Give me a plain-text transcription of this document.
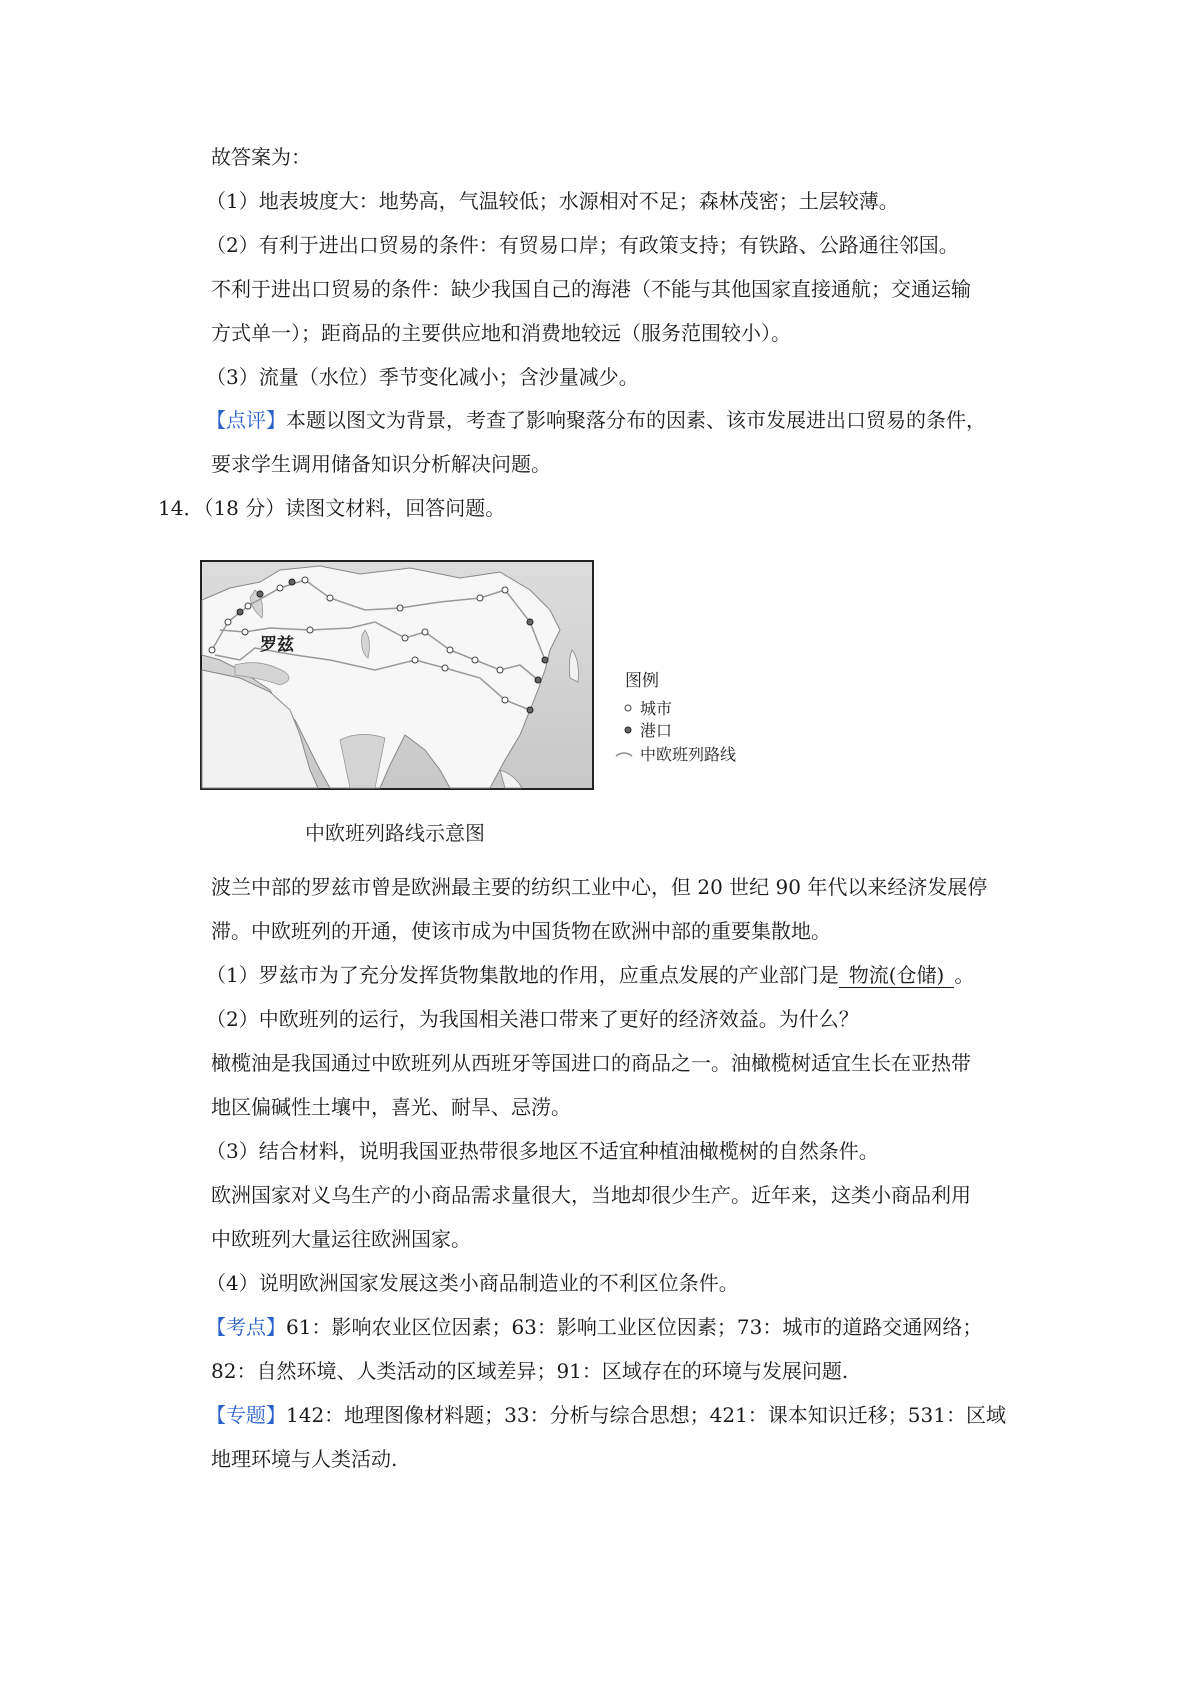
故答案为：
（1）地表坡度大：地势高，气温较低；水源相对不足；森林茂密；土层较薄。
（2）有利于进出口贸易的条件：有贸易口岸；有政策支持；有铁路、公路通往邻国。
不利于进出口贸易的条件：缺少我国自己的海港（不能与其他国家直接通航；交通运输
方式单一）；距商品的主要供应地和消费地较远（服务范围较小）。
（3）流量（水位）季节变化减小；含沙量减少。
【点评】本题以图文为背景，考查了影响聚落分布的因素、该市发展进出口贸易的条件，
要求学生调用储备知识分析解决问题。
14．（18 分）读图文材料，回答问题。
罗兹
图例
城市
港口
中欧班列路线
中欧班列路线示意图
波兰中部的罗兹市曾是欧洲最主要的纺织工业中心，但 20 世纪 90 年代以来经济发展停
滞。中欧班列的开通，使该市成为中国货物在欧洲中部的重要集散地。
（1）罗兹市为了充分发挥货物集散地的作用，应重点发展的产业部门是 物流(仓储) 。
（2）中欧班列的运行，为我国相关港口带来了更好的经济效益。为什么？
橄榄油是我国通过中欧班列从西班牙等国进口的商品之一。油橄榄树适宜生长在亚热带
地区偏碱性土壤中，喜光、耐旱、忌涝。
（3）结合材料，说明我国亚热带很多地区不适宜种植油橄榄树的自然条件。
欧洲国家对义乌生产的小商品需求量很大，当地却很少生产。近年来，这类小商品利用
中欧班列大量运往欧洲国家。
（4）说明欧洲国家发展这类小商品制造业的不利区位条件。
【考点】61：影响农业区位因素；63：影响工业区位因素；73：城市的道路交通网络；
82：自然环境、人类活动的区域差异；91：区域存在的环境与发展问题.
【专题】142：地理图像材料题；33：分析与综合思想；421：课本知识迁移；531：区域
地理环境与人类活动.
